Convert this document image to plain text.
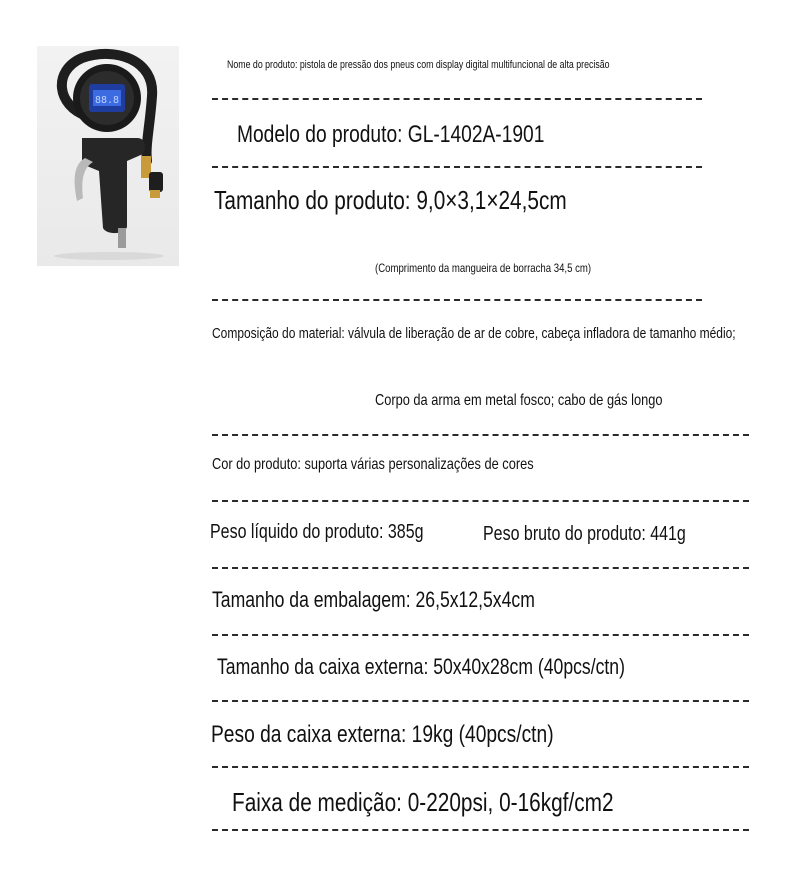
88.8
Nome do produto: pistola de pressão dos pneus com display digital multifuncional de alta precisão
Modelo do produto: GL-1402A-1901
Tamanho do produto: 9,0×3,1×24,5cm
(Comprimento da mangueira de borracha 34,5 cm)
Composição do material: válvula de liberação de ar de cobre, cabeça infladora de tamanho médio;
Corpo da arma em metal fosco; cabo de gás longo
Cor do produto: suporta várias personalizações de cores
Peso líquido do produto: 385g	Peso bruto do produto: 441g
Tamanho da embalagem: 26,5x12,5x4cm
Tamanho da caixa externa: 50x40x28cm (40pcs/ctn)
Peso da caixa externa: 19kg (40pcs/ctn)
Faixa de medição: 0-220psi, 0-16kgf/cm2
